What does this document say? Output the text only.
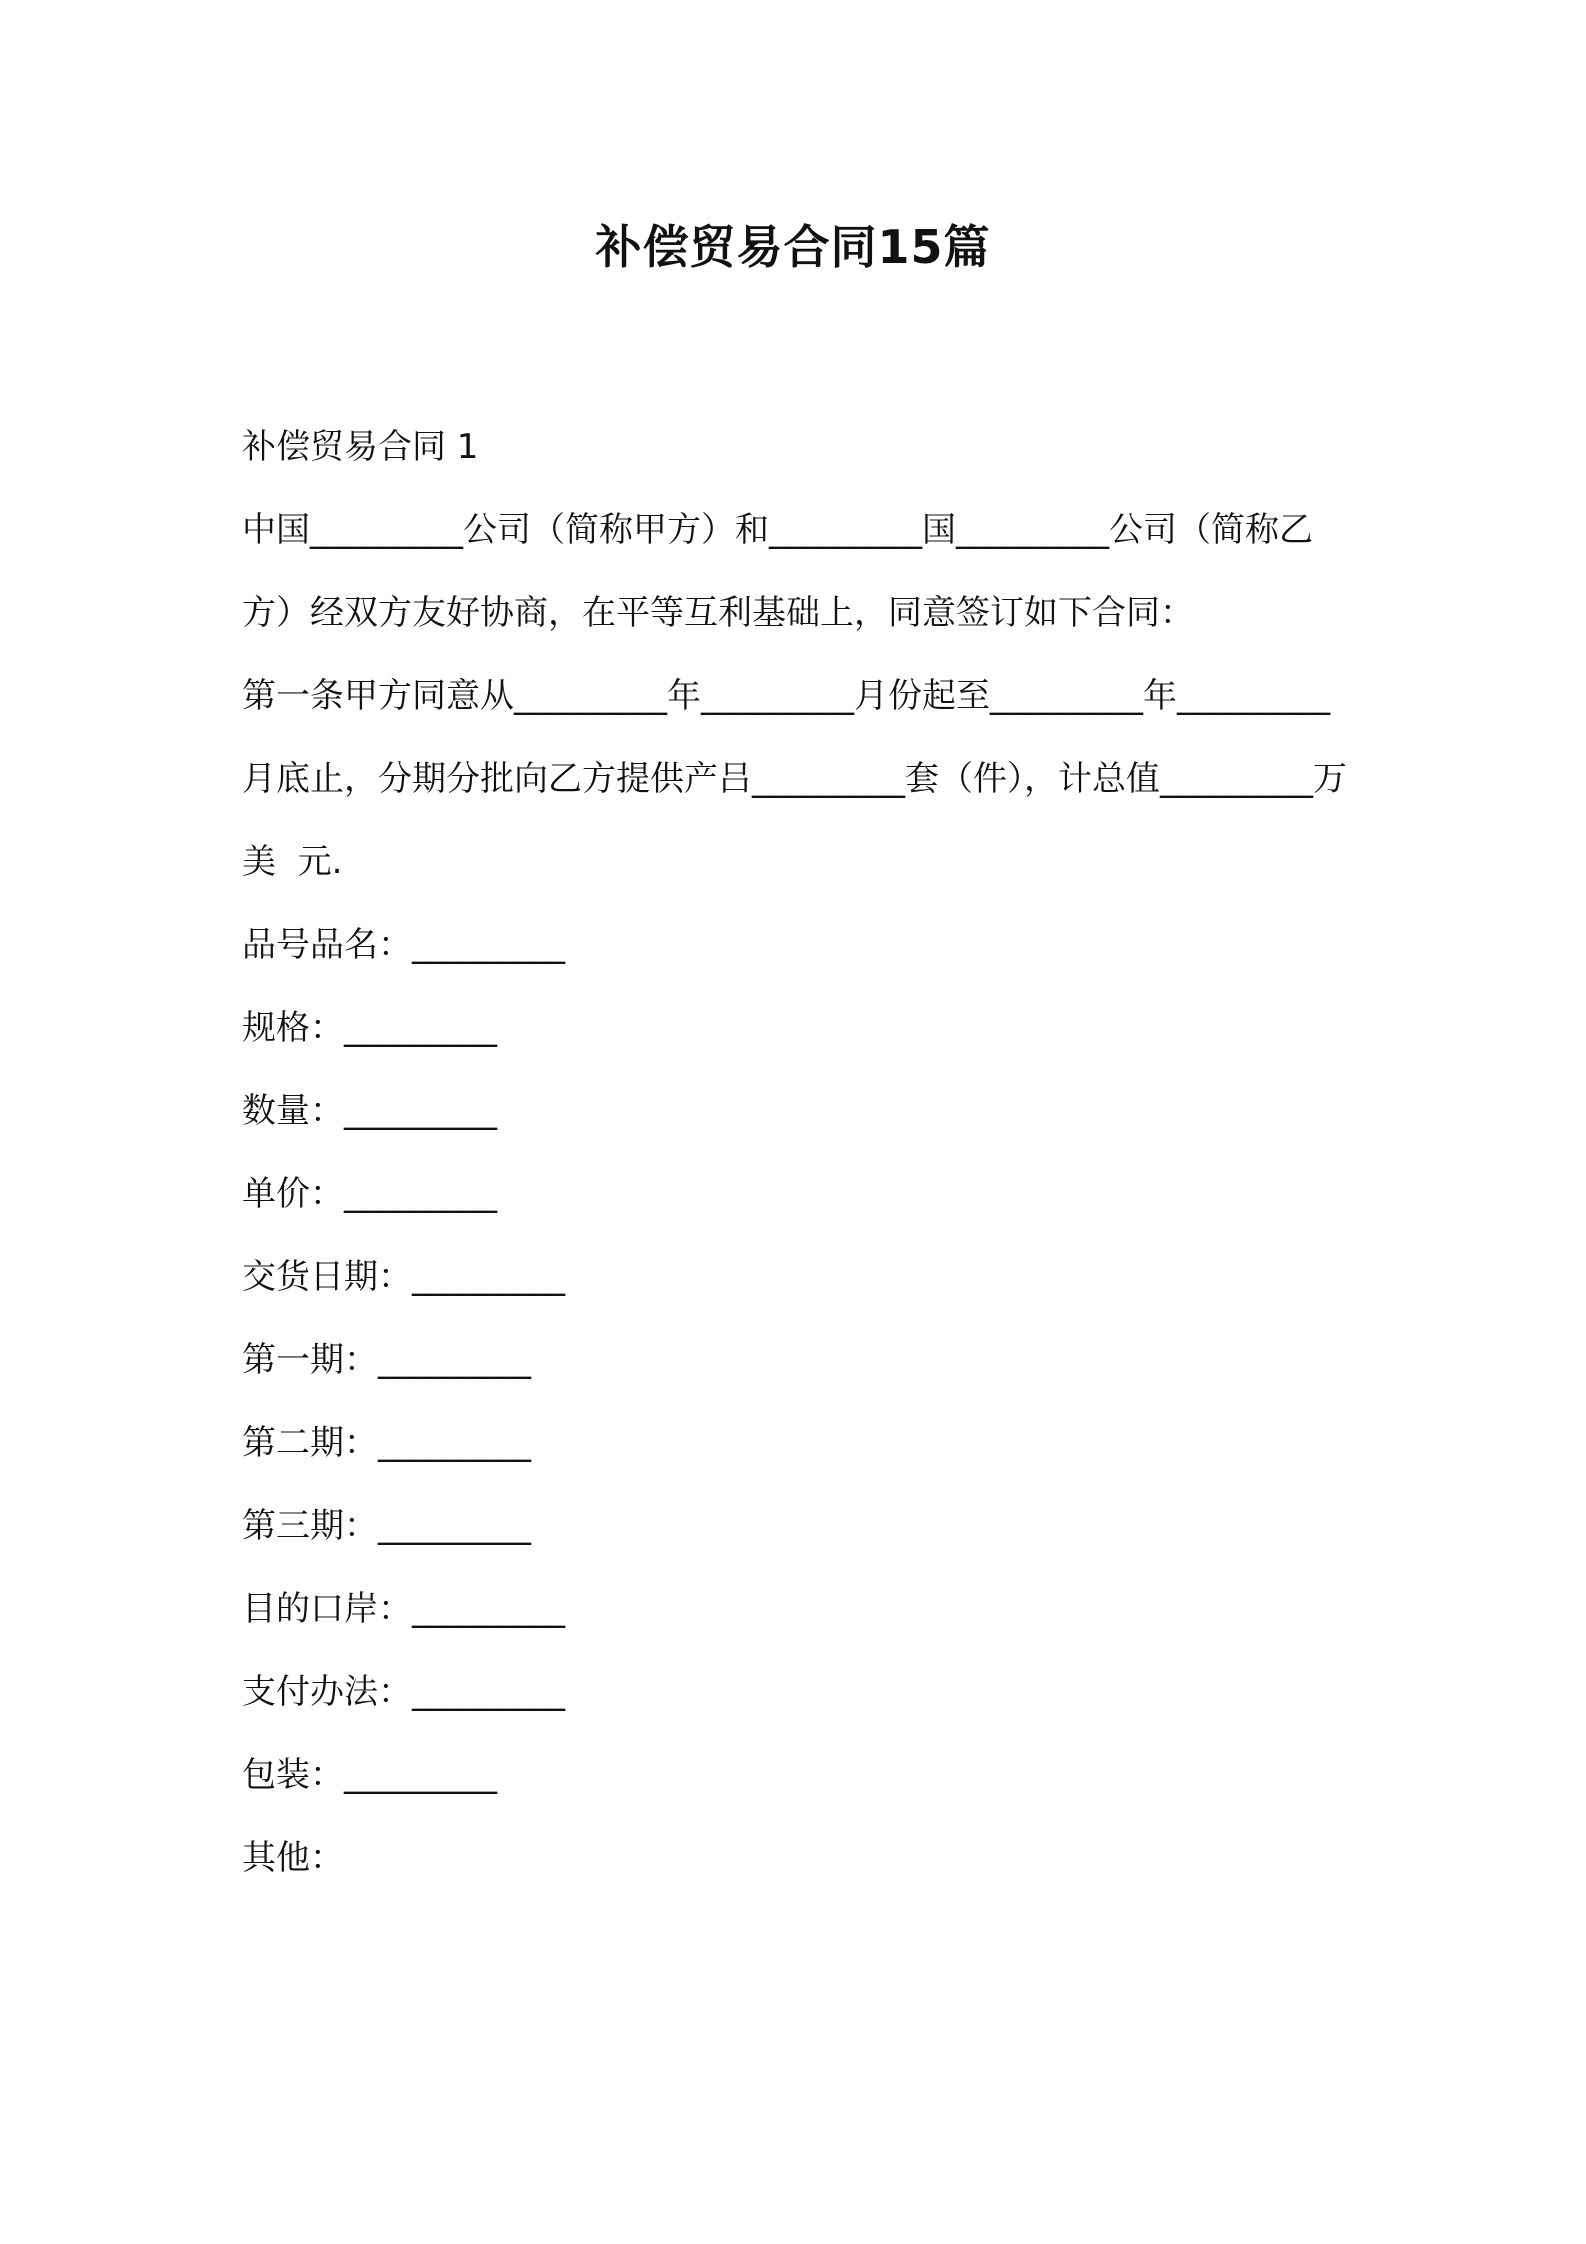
补偿贸易合同15篇

补偿贸易合同 1

中国_________公司（简称甲方）和_________国_________公司（简称乙方）经双方友好协商，在平等互利基础上，同意签订如下合同：

第一条甲方同意从_________年_________月份起至_________年_________月底止，分期分批向乙方提供产吕_________套（件），计总值_________万美  元.

品号品名：_________

规格：_________

数量：_________

单价：_________

交货日期：_________

第一期：_________

第二期：_________

第三期：_________

目的口岸：_________

支付办法：_________

包装：_________

其他：
